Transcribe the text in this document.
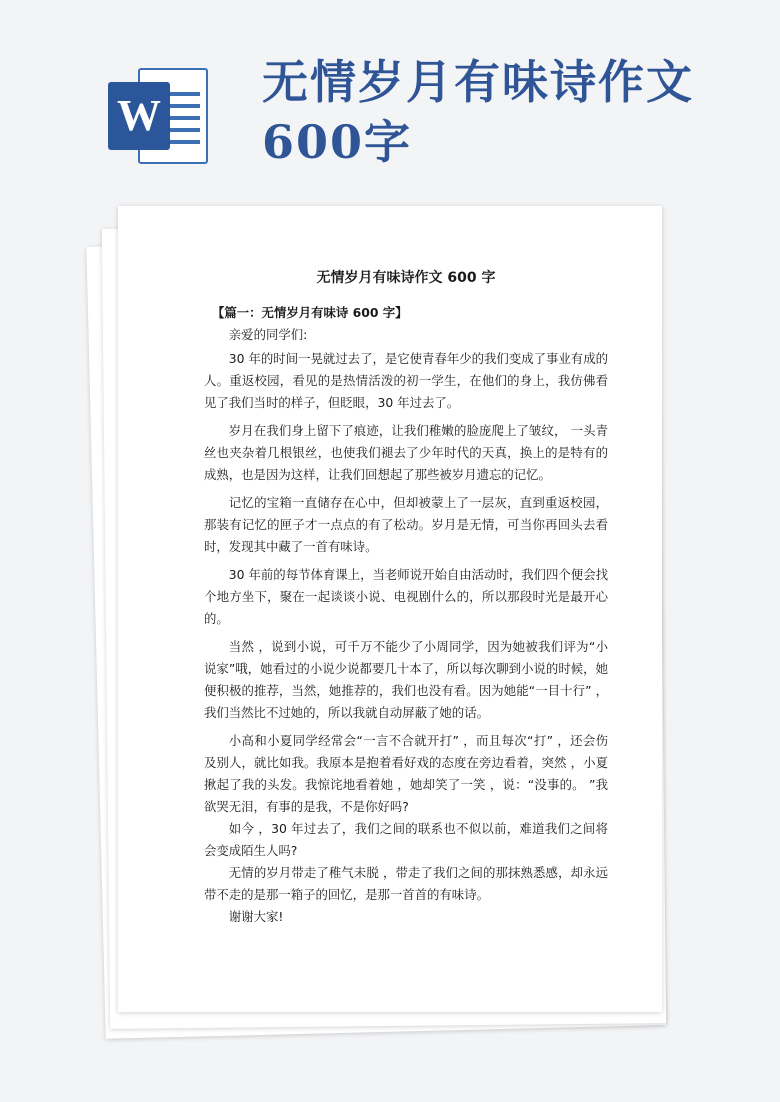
W
无情岁月有味诗作文600字
无情岁月有味诗作文 600 字
【篇一：无情岁月有味诗 600 字】
亲爱的同学们:

30 年的时间一晃就过去了，是它使青春年少的我们变成了事业有成的人。重返校园，看见的是热情活泼的初一学生，在他们的身上，我仿佛看见了我们当时的样子，但眨眼，30 年过去了。

岁月在我们身上留下了痕迹，让我们稚嫩的脸庞爬上了皱纹， 一头青丝也夹杂着几根银丝，也使我们褪去了少年时代的天真，换上的是特有的成熟，也是因为这样，让我们回想起了那些被岁月遗忘的记忆。

记忆的宝箱一直储存在心中，但却被蒙上了一层灰，直到重返校园，那装有记忆的匣子才一点点的有了松动。岁月是无情，可当你再回头去看时，发现其中藏了一首有味诗。

30 年前的每节体育课上，当老师说开始自由活动时，我们四个便会找个地方坐下，聚在一起谈谈小说、电视剧什么的，所以那段时光是最开心的。

当然 ，说到小说，可千万不能少了小周同学，因为她被我们评为“小说家”哦，她看过的小说少说都要几十本了，所以每次聊到小说的时候，她便积极的推荐，当然，她推荐的，我们也没有看。因为她能“一目十行” ，我们当然比不过她的，所以我就自动屏蔽了她的话。

小高和小夏同学经常会“一言不合就开打” ，而且每次“打” ，还会伤及别人，就比如我。我原本是抱着看好戏的态度在旁边看着，突然 ，小夏揪起了我的头发。我惊诧地看着她 ，她却笑了一笑 ，说：“没事的。 ”我欲哭无泪，有事的是我，不是你好吗?

如今 ，30 年过去了，我们之间的联系也不似以前，难道我们之间将会变成陌生人吗?

无情的岁月带走了稚气未脱 ，带走了我们之间的那抹熟悉感，却永远带不走的是那一箱子的回忆，是那一首首的有味诗。

谢谢大家!
